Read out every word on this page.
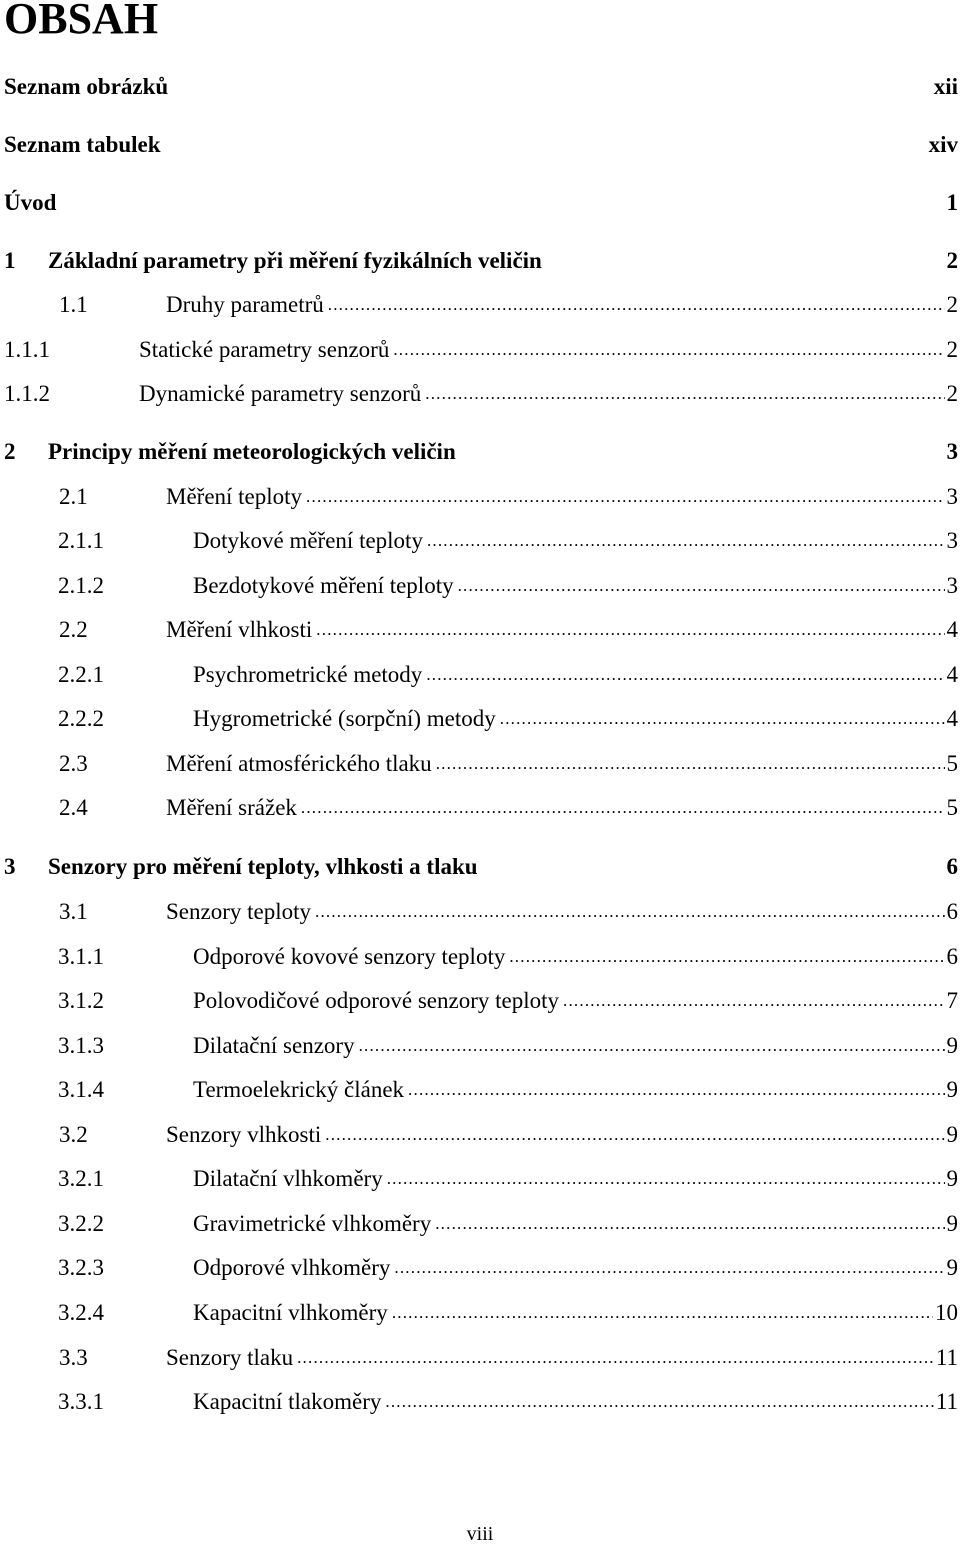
OBSAH
Seznam obrázků	xii
Seznam tabulek	xiv
Úvod	1
1	Základní parametry při měření fyzikálních veličin	2
1.1	Druhy parametrů .....	2
1.1.1	Statické parametry senzorů .....	2
1.1.2	Dynamické parametry senzorů .....	2
2	Principy měření meteorologických veličin	3
2.1	Měření teploty .....	3
2.1.1	Dotykové měření teploty .....	3
2.1.2	Bezdotykové měření teploty .....	3
2.2	Měření vlhkosti .....	4
2.2.1	Psychrometrické metody .....	4
2.2.2	Hygrometrické (sorpční) metody .....	4
2.3	Měření atmosférického tlaku .....	5
2.4	Měření srážek .....	5
3	Senzory pro měření teploty, vlhkosti a tlaku	6
3.1	Senzory teploty .....	6
3.1.1	Odporové kovové senzory teploty .....	6
3.1.2	Polovodičové odporové senzory teploty .....	7
3.1.3	Dilatační senzory .....	9
3.1.4	Termoelekrický článek .....	9
3.2	Senzory vlhkosti .....	9
3.2.1	Dilatační vlhkoměry .....	9
3.2.2	Gravimetrické vlhkoměry .....	9
3.2.3	Odporové vlhkoměry .....	9
3.2.4	Kapacitní vlhkoměry .....	10
3.3	Senzory tlaku .....	11
3.3.1	Kapacitní tlakoměry .....	11
viii
